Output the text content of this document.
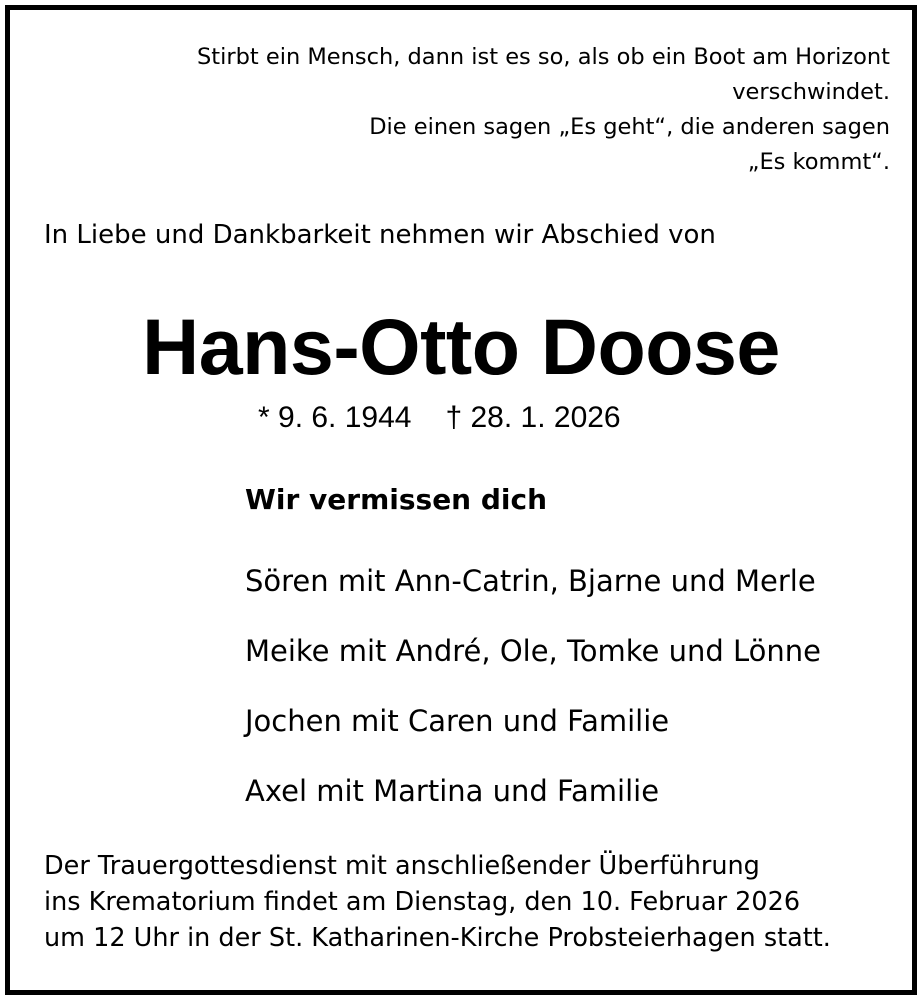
Stirbt ein Mensch, dann ist es so, als ob ein Boot am Horizont
verschwindet.
Die einen sagen „Es geht“, die anderen sagen
„Es kommt“.
In Liebe und Dankbarkeit nehmen wir Abschied von
Hans-Otto Doose
* 9. 6. 1944 † 28. 1. 2026
Wir vermissen dich
Sören mit Ann-Catrin, Bjarne und Merle
Meike mit André, Ole, Tomke und Lönne
Jochen mit Caren und Familie
Axel mit Martina und Familie
Der Trauergottesdienst mit anschließender Überführung
ins Krematorium findet am Dienstag, den 10. Februar 2026
um 12 Uhr in der St. Katharinen-Kirche Probsteierhagen statt.
